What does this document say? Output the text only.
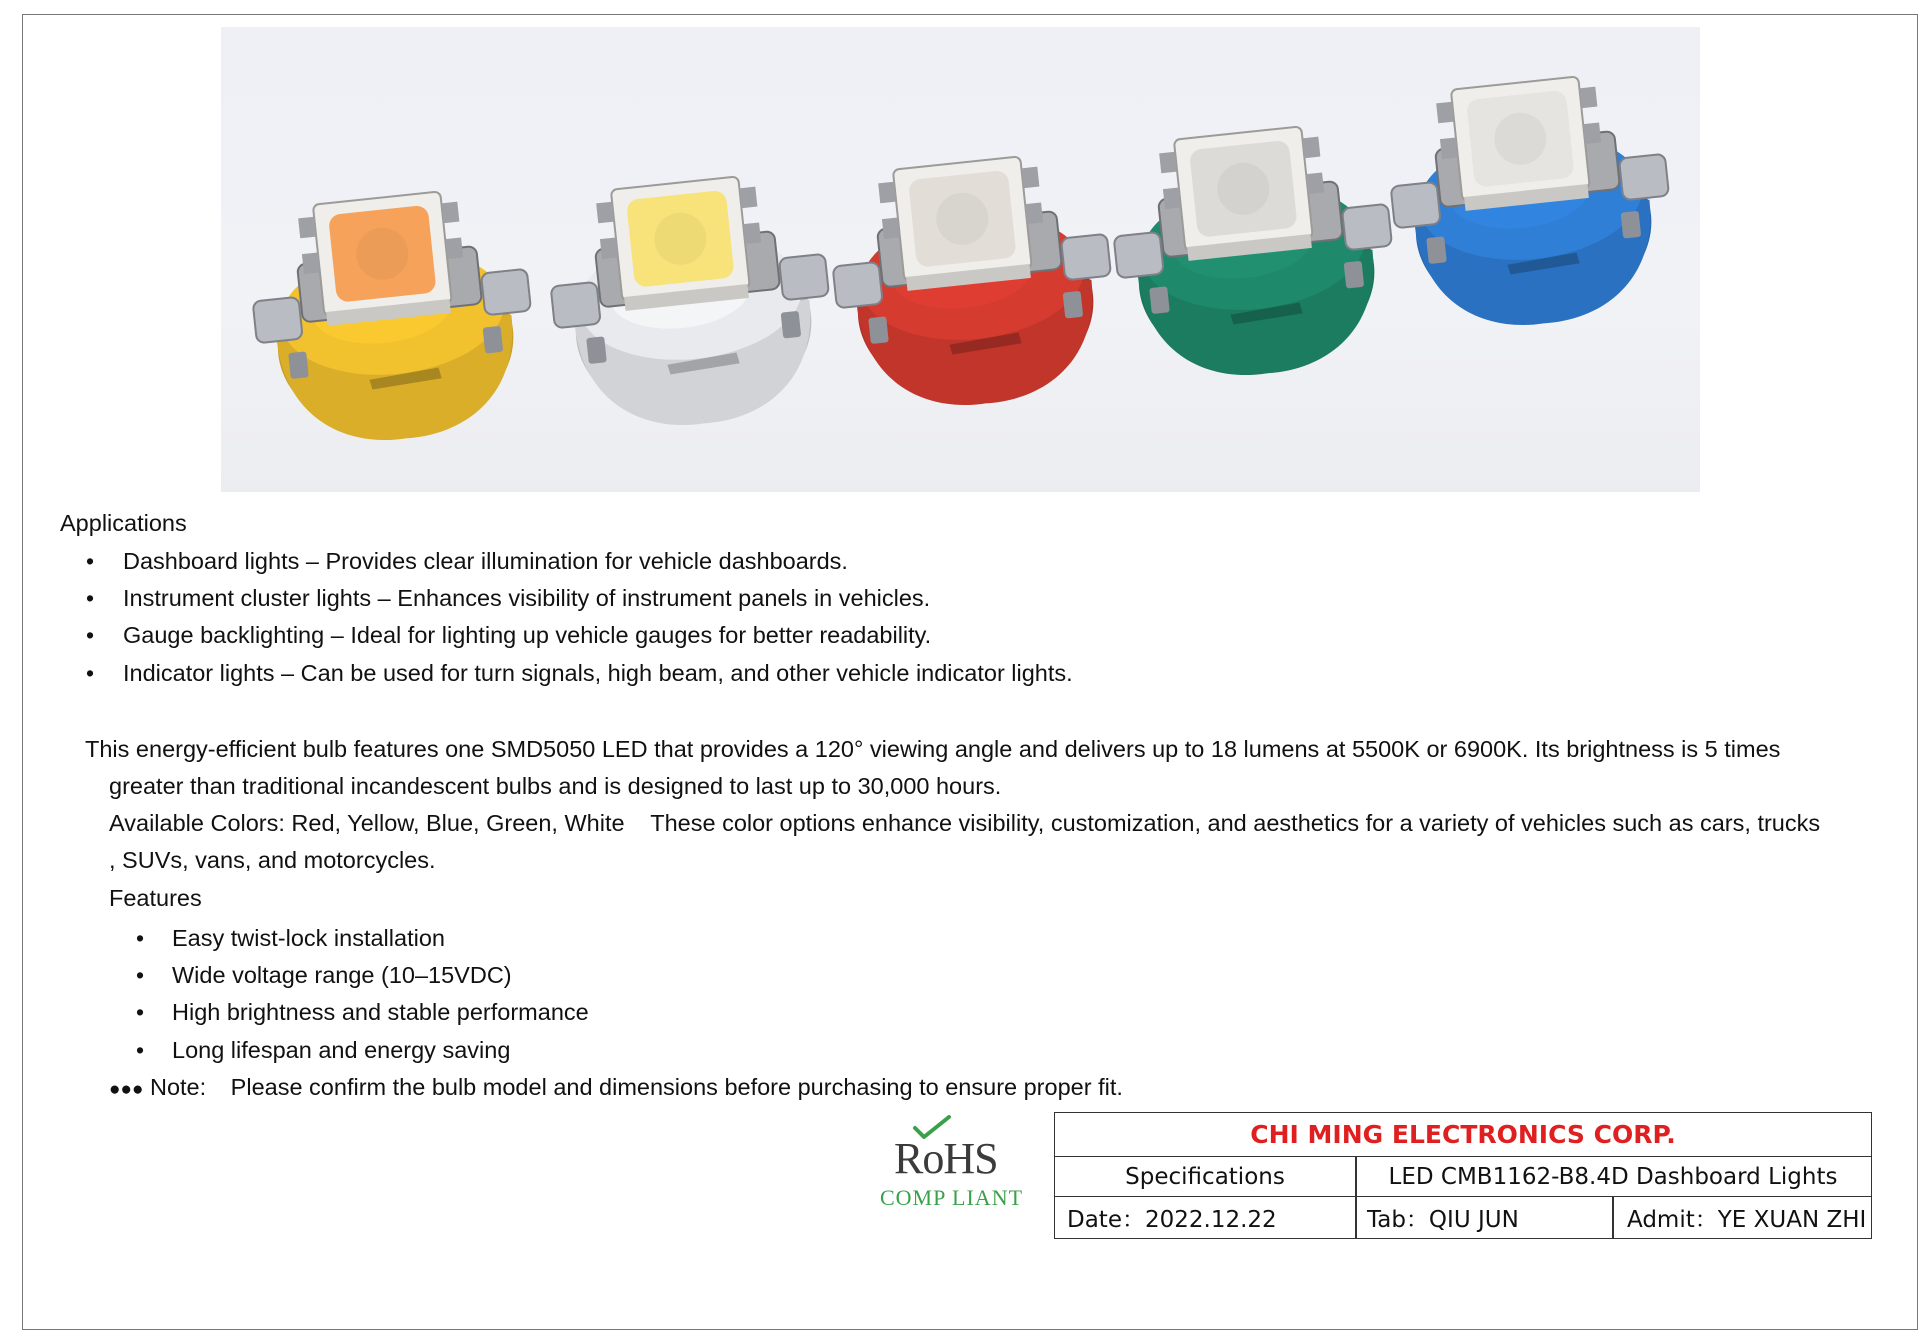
Applications
• Dashboard lights – Provides clear illumination for vehicle dashboards.
• Instrument cluster lights – Enhances visibility of instrument panels in vehicles.
• Gauge backlighting – Ideal for lighting up vehicle gauges for better readability.
• Indicator lights – Can be used for turn signals, high beam, and other vehicle indicator lights.
This energy-efficient bulb features one SMD5050 LED that provides a 120° viewing angle and delivers up to 18 lumens at 5500K or 6900K. Its brightness is 5 times
greater than traditional incandescent bulbs and is designed to last up to 30,000 hours.
Available Colors: Red, Yellow, Blue, Green, White    These color options enhance visibility, customization, and aesthetics for a variety of vehicles such as cars, trucks
, SUVs, vans, and motorcycles.
Features
• Easy twist-lock installation
• Wide voltage range (10–15VDC)
• High brightness and stable performance
• Long lifespan and energy saving
●●● Note: Please confirm the bulb model and dimensions before purchasing to ensure proper fit.
RoHS
COMP LIANT
CHI MING ELECTRONICS CORP.
Specifications	LED CMB1162-B8.4D Dashboard Lights
Date：2022.12.22	Tab：QIU JUN	Admit：YE XUAN ZHI
